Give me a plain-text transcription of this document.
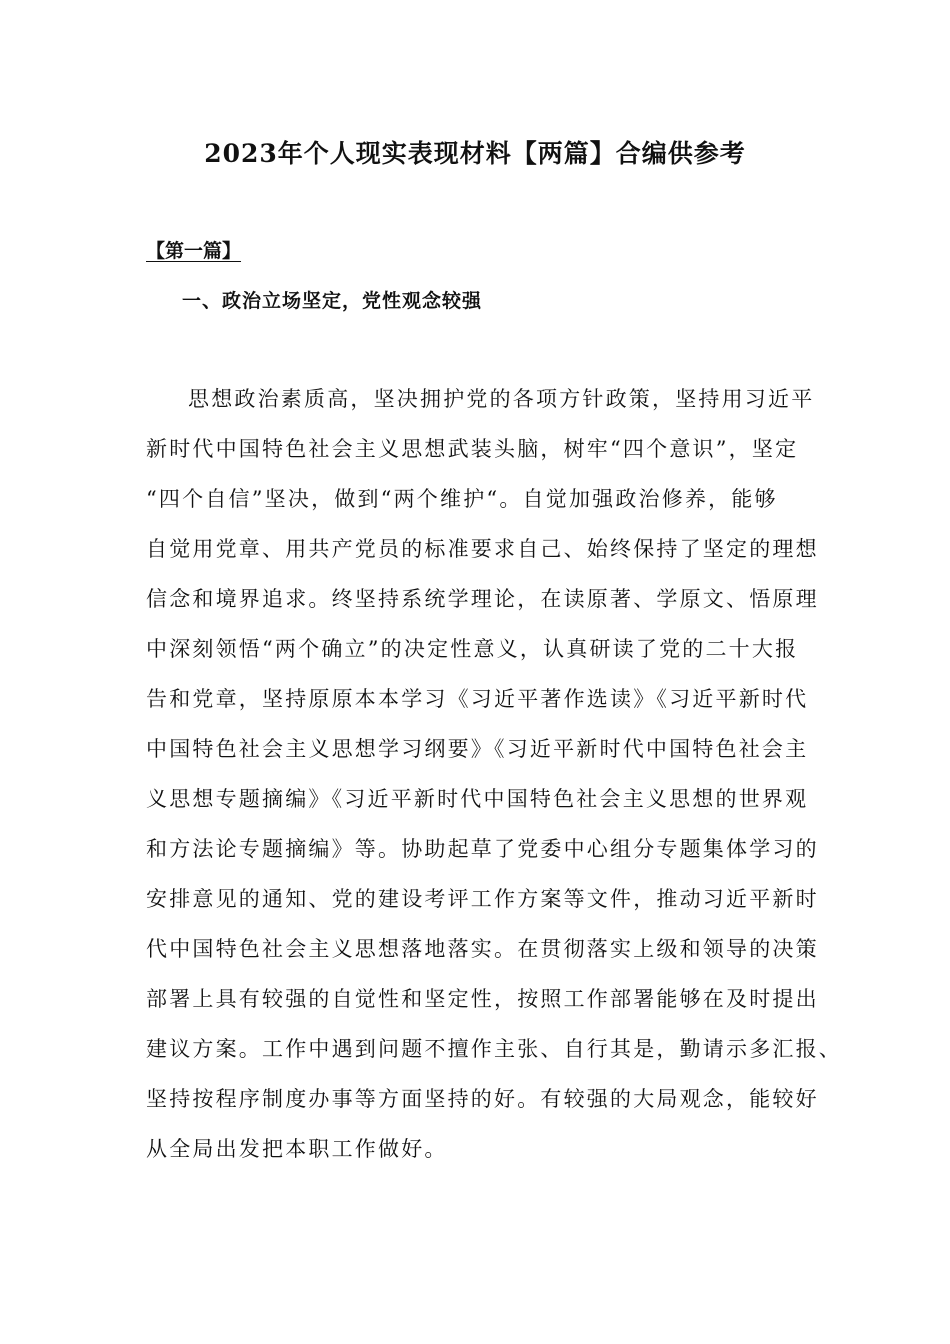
2023年个人现实表现材料【两篇】合编供参考
【第一篇】
一、政治立场坚定，党性观念较强
思想政治素质高，坚决拥护党的各项方针政策，坚持用习近平
新时代中国特色社会主义思想武装头脑，树牢“四个意识”，坚定
“四个自信”坚决，做到“两个维护“。自觉加强政治修养，能够
自觉用党章、用共产党员的标准要求自己、始终保持了坚定的理想
信念和境界追求。终坚持系统学理论，在读原著、学原文、悟原理
中深刻领悟“两个确立”的决定性意义，认真研读了党的二十大报
告和党章，坚持原原本本学习《习近平著作选读》《习近平新时代
中国特色社会主义思想学习纲要》《习近平新时代中国特色社会主
义思想专题摘编》《习近平新时代中国特色社会主义思想的世界观
和方法论专题摘编》等。协助起草了党委中心组分专题集体学习的
安排意见的通知、党的建设考评工作方案等文件，推动习近平新时
代中国特色社会主义思想落地落实。在贯彻落实上级和领导的决策
部署上具有较强的自觉性和坚定性，按照工作部署能够在及时提出
建议方案。工作中遇到问题不擅作主张、自行其是，勤请示多汇报、
坚持按程序制度办事等方面坚持的好。有较强的大局观念，能较好
从全局出发把本职工作做好。
